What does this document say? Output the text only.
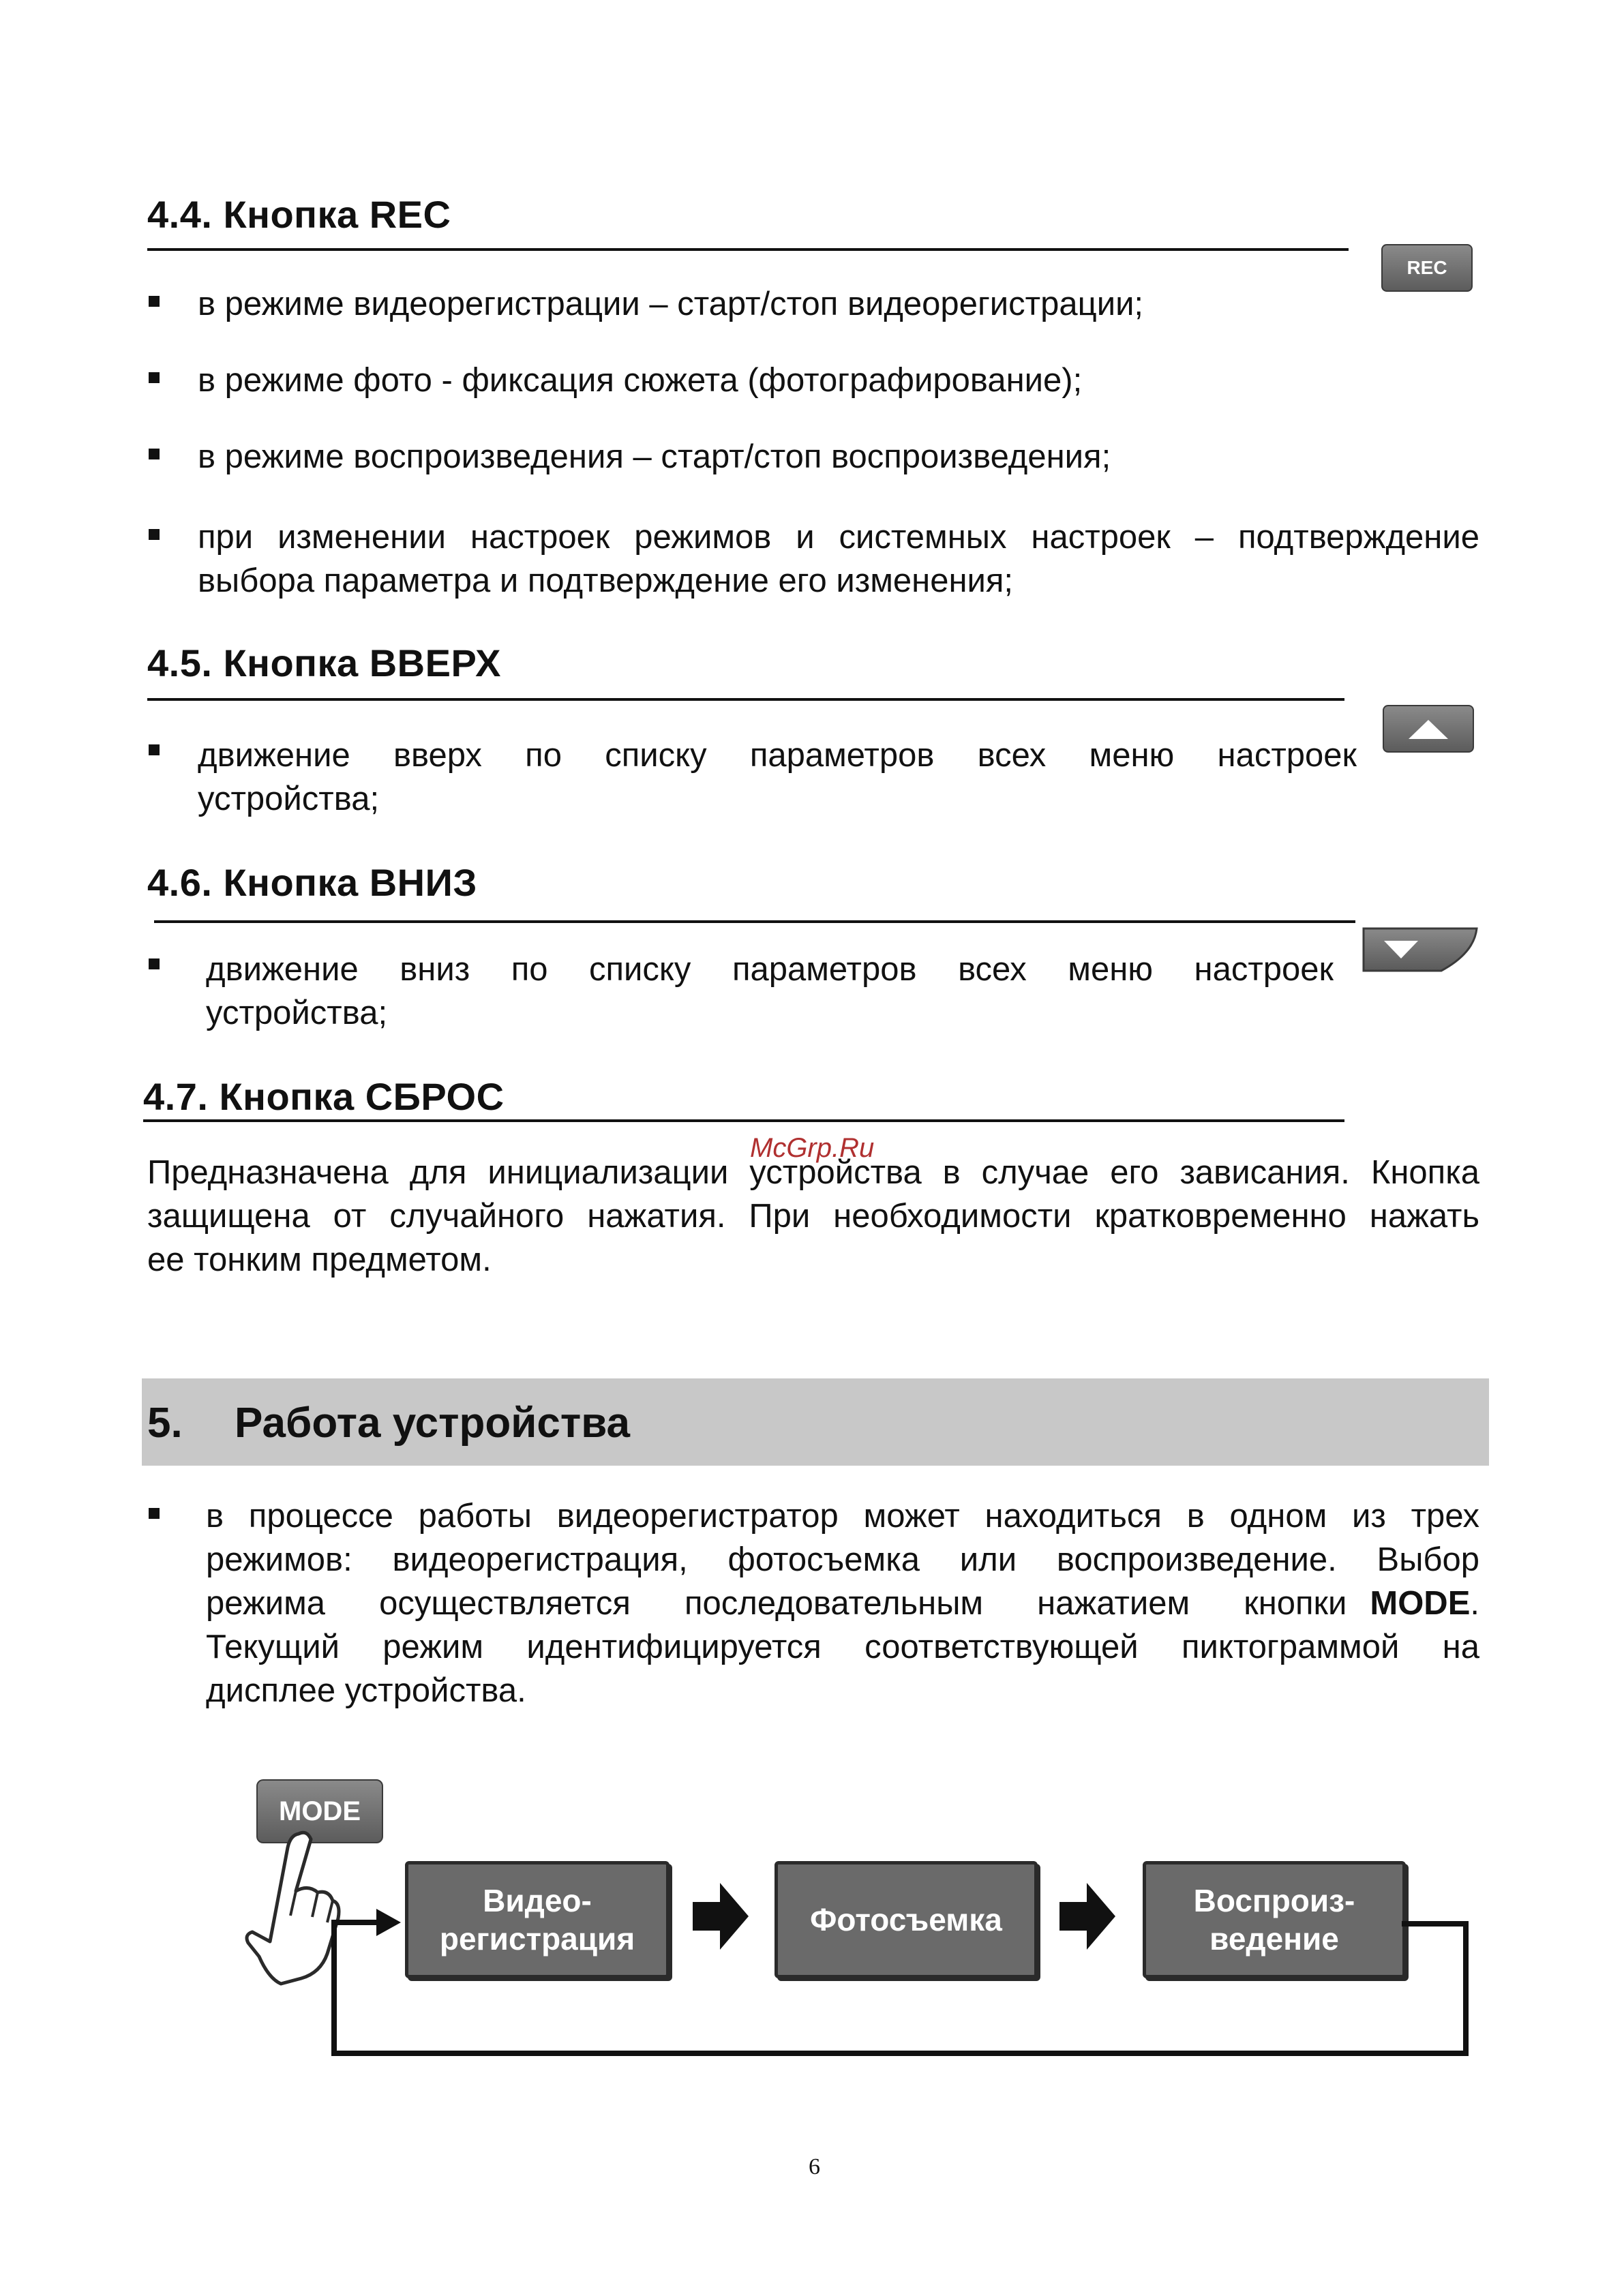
4.4. Кнопка REC
REC
в режиме видеорегистрации – старт/стоп видеорегистрации;
в режиме фото - фиксация сюжета (фотографирование);
в режиме воспроизведения – старт/стоп воспроизведения;
при изменении настроек режимов и системных настроек – подтверждение
выбора параметра и подтверждение его изменения;
4.5. Кнопка ВВЕРХ
движение вверх по списку параметров всех меню настроек
устройства;
4.6. Кнопка ВНИЗ
движение вниз по списку параметров всех меню настроек
устройства;
4.7. Кнопка СБРОС
McGrp.Ru
Предназначена для инициализации устройства в случае его зависания. Кнопка
защищена от случайного нажатия. При необходимости кратковременно нажать
ее тонким предметом.
5. Работа устройства
в процессе работы видеорегистратор может находиться в одном из трех
режимов: видеорегистрация, фотосъемка или воспроизведение. Выбор
режима осуществляется последовательным нажатием кнопки MODE.
Текущий режим идентифицируется соответствующей пиктограммой на
дисплее устройства.
MODE
Видео-
регистрация
Фотосъемка
Воспроиз-
ведение
6
